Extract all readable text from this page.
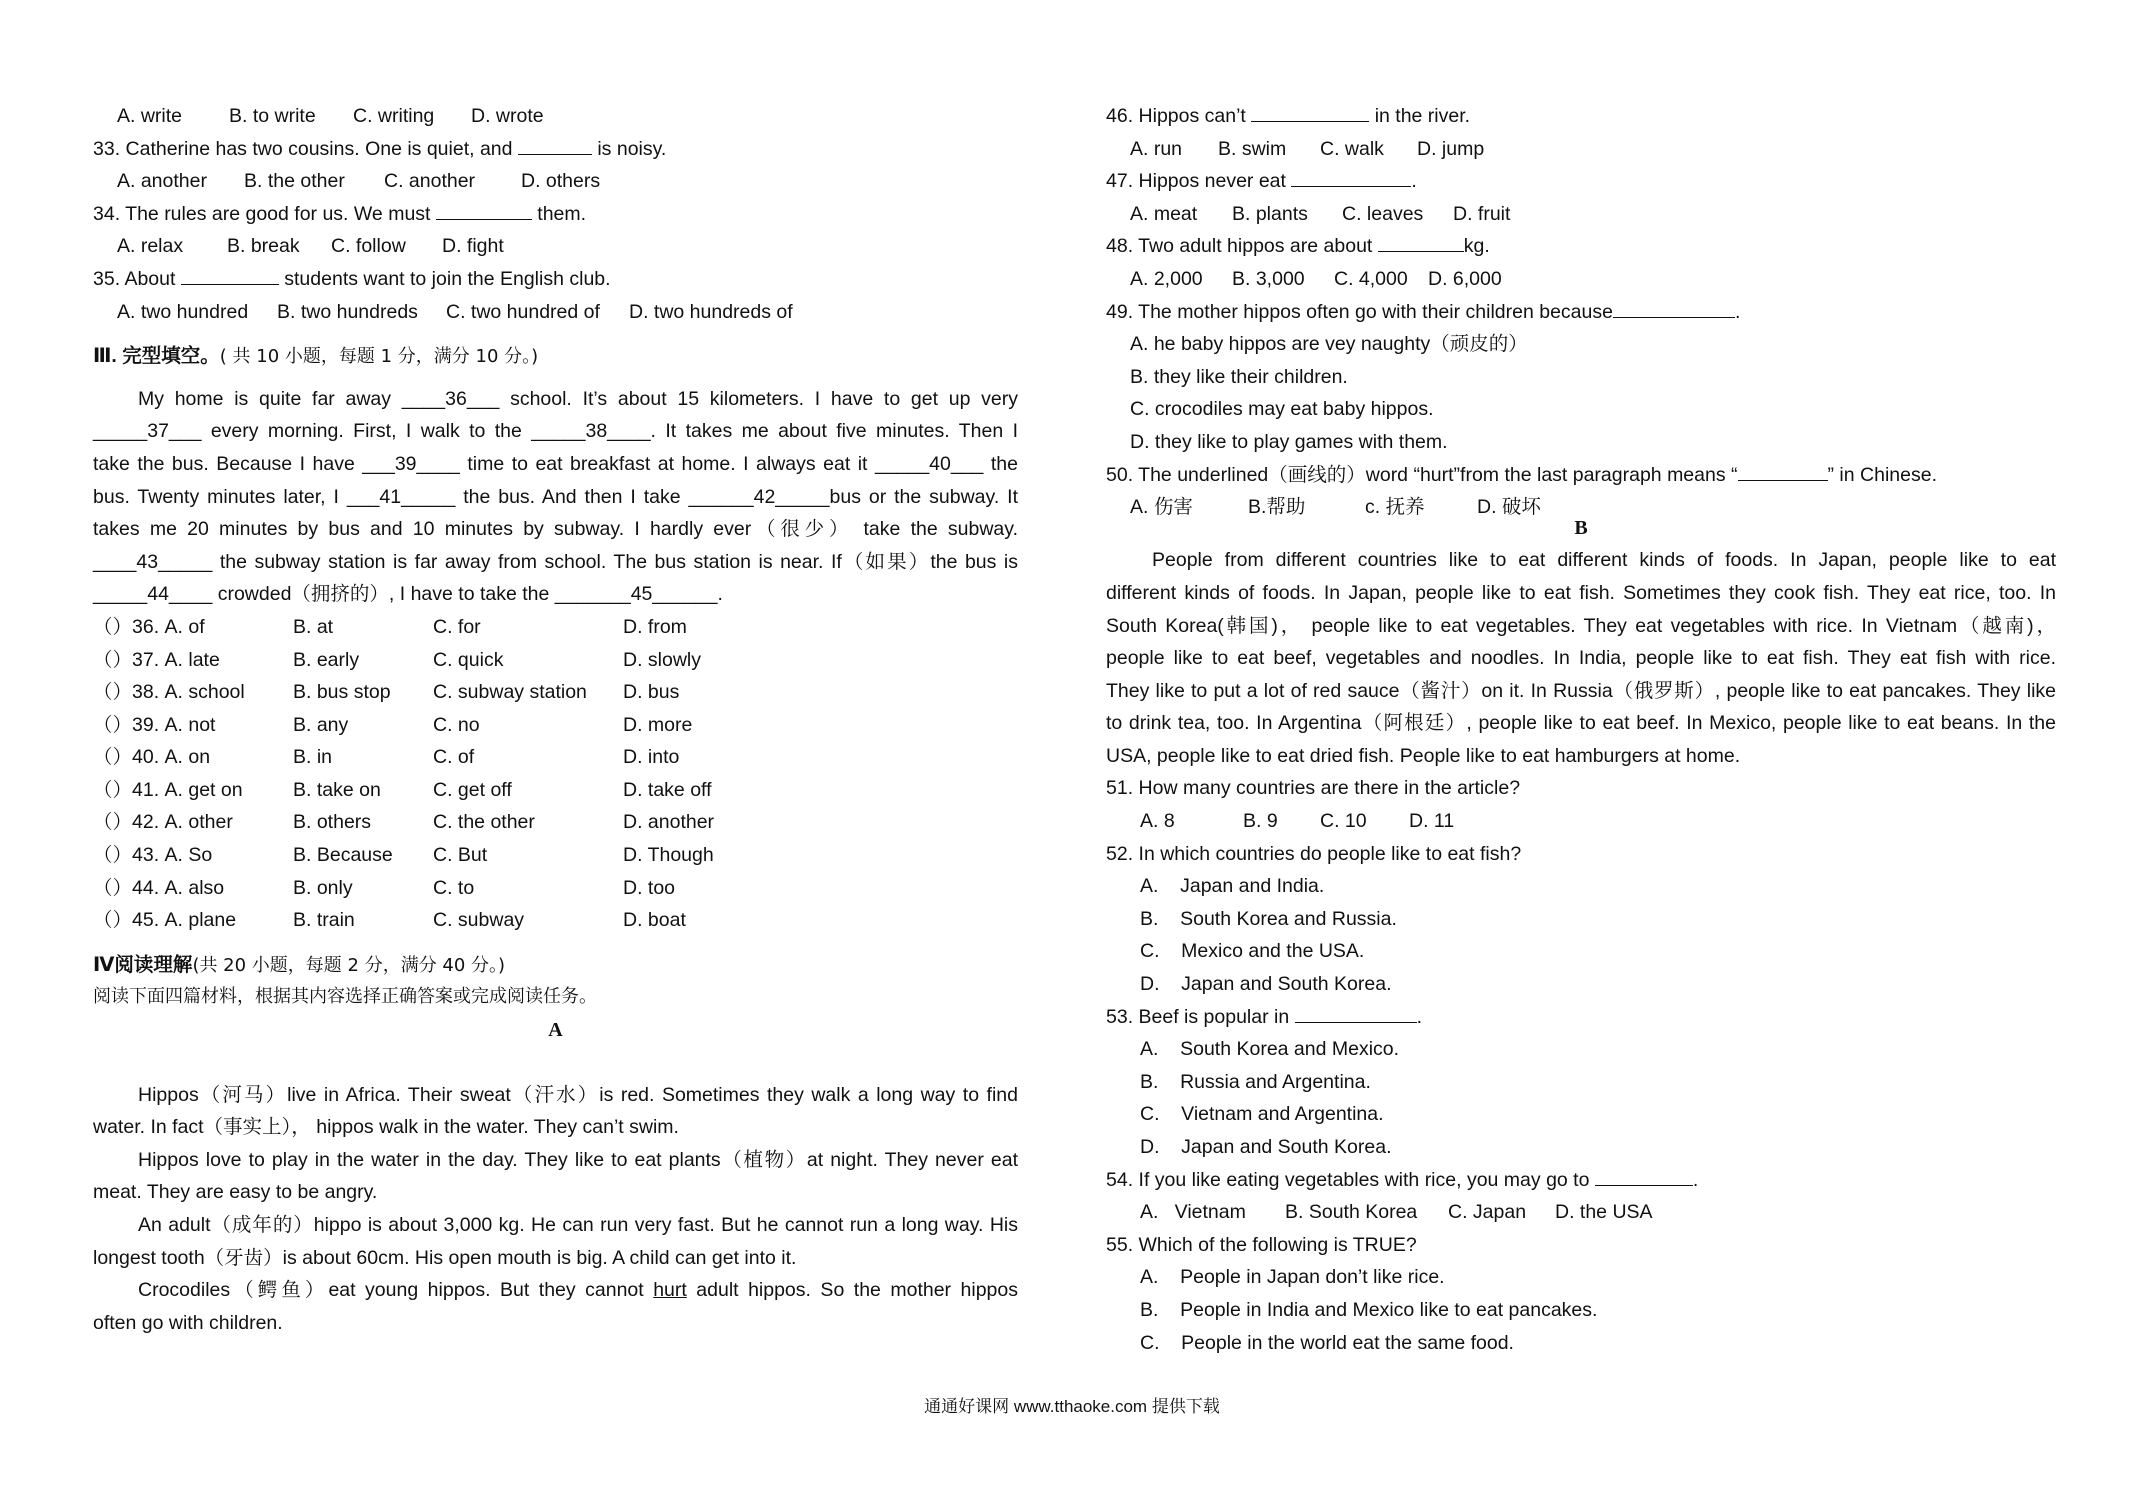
A. write B. to write C. writing D. wrote
33. Catherine has two cousins. One is quiet, and	is noisy.
A. another B. the other C. another D. others
34. The rules are good for us. We must	them.
A. relax B. break C. follow D. fight
35. About	students want to join the English club.
A. two hundred B. two hundreds C. two hundred of D. two hundreds of
Ⅲ. 完型填空。( 共 10 小题，每题 1 分，满分 10 分。)
My home is quite far away ____36___ school. It’s about 15 kilometers. I have to get up very
_____37___ every morning. First, I walk to the _____38____. It takes me about five minutes. Then I
take the bus. Because I have ___39____ time to eat breakfast at home. I always eat it _____40___ the
bus. Twenty minutes later, I ___41_____ the bus. And then I take ______42_____bus or the subway. It
takes me 20 minutes by bus and 10 minutes by subway. I hardly ever（很少） take the subway.
____43_____ the subway station is far away from school. The bus station is near. If（如果）the bus is
_____44____ crowded（拥挤的）, I have to take the _______45______.
（）36. A. of	B. at	C. for	D. from
（）37. A. late	B. early	C. quick	D. slowly
（）38. A. school	B. bus stop	C. subway station	D. bus
（）39. A. not	B. any	C. no	D. more
（）40. A. on	B. in	C. of	D. into
（）41. A. get on	B. take on	C. get off	D. take off
（）42. A. other	B. others	C. the other	D. another
（）43. A. So	B. Because	C. But	D. Though
（）44. A. also	B. only	C. to	D. too
（）45. A. plane	B. train	C. subway	D. boat
Ⅳ阅读理解(共 20 小题，每题 2 分，满分 40 分。)
阅读下面四篇材料，根据其内容选择正确答案或完成阅读任务。
A
Hippos（河马）live in Africa. Their sweat（汗水）is red. Sometimes they walk a long way to find
water. In fact（事实上）， hippos walk in the water. They can’t swim.
Hippos love to play in the water in the day. They like to eat plants（植物）at night. They never eat
meat. They are easy to be angry.
An adult（成年的）hippo is about 3,000 kg. He can run very fast. But he cannot run a long way. His
longest tooth（牙齿）is about 60cm. His open mouth is big. A child can get into it.
Crocodiles（鳄鱼）eat young hippos. But they cannot hurt adult hippos. So the mother hippos
often go with children.
46. Hippos can’t	in the river.
A. run B. swim C. walk D. jump
47. Hippos never eat	.
A. meat B. plants C. leaves D. fruit
48. Two adult hippos are about	kg.
A. 2,000 B. 3,000 C. 4,000 D. 6,000
49. The mother hippos often go with their children because	.
A. he baby hippos are vey naughty（顽皮的）
B. they like their children.
C. crocodiles may eat baby hippos.
D. they like to play games with them.
50. The underlined（画线的）word “hurt”from the last paragraph means “	” in Chinese.
A. 伤害	B.帮助	c. 抚养	D. 破坏
B
People from different countries like to eat different kinds of foods. In Japan, people like to eat
different kinds of foods. In Japan, people like to eat fish. Sometimes they cook fish. They eat rice, too. In
South Korea(韩国)， people like to eat vegetables. They eat vegetables with rice. In Vietnam（越南)，
people like to eat beef, vegetables and noodles. In India, people like to eat fish. They eat fish with rice.
They like to put a lot of red sauce（酱汁）on it. In Russia（俄罗斯）, people like to eat pancakes. They like
to drink tea, too. In Argentina（阿根廷）, people like to eat beef. In Mexico, people like to eat beans. In the
USA, people like to eat dried fish. People like to eat hamburgers at home.
51. How many countries are there in the article?
A. 8	B. 9 C. 10 D. 11
52. In which countries do people like to eat fish?
A.    Japan and India.
B.    South Korea and Russia.
C.    Mexico and the USA.
D.    Japan and South Korea.
53. Beef is popular in	.
A.    South Korea and Mexico.
B.    Russia and Argentina.
C.    Vietnam and Argentina.
D.    Japan and South Korea.
54. If you like eating vegetables with rice, you may go to	.
A.   Vietnam B. South Korea C. Japan D. the USA
55. Which of the following is TRUE?
A.    People in Japan don’t like rice.
B.    People in India and Mexico like to eat pancakes.
C.    People in the world eat the same food.
通通好课网 www.tthaoke.com 提供下载
